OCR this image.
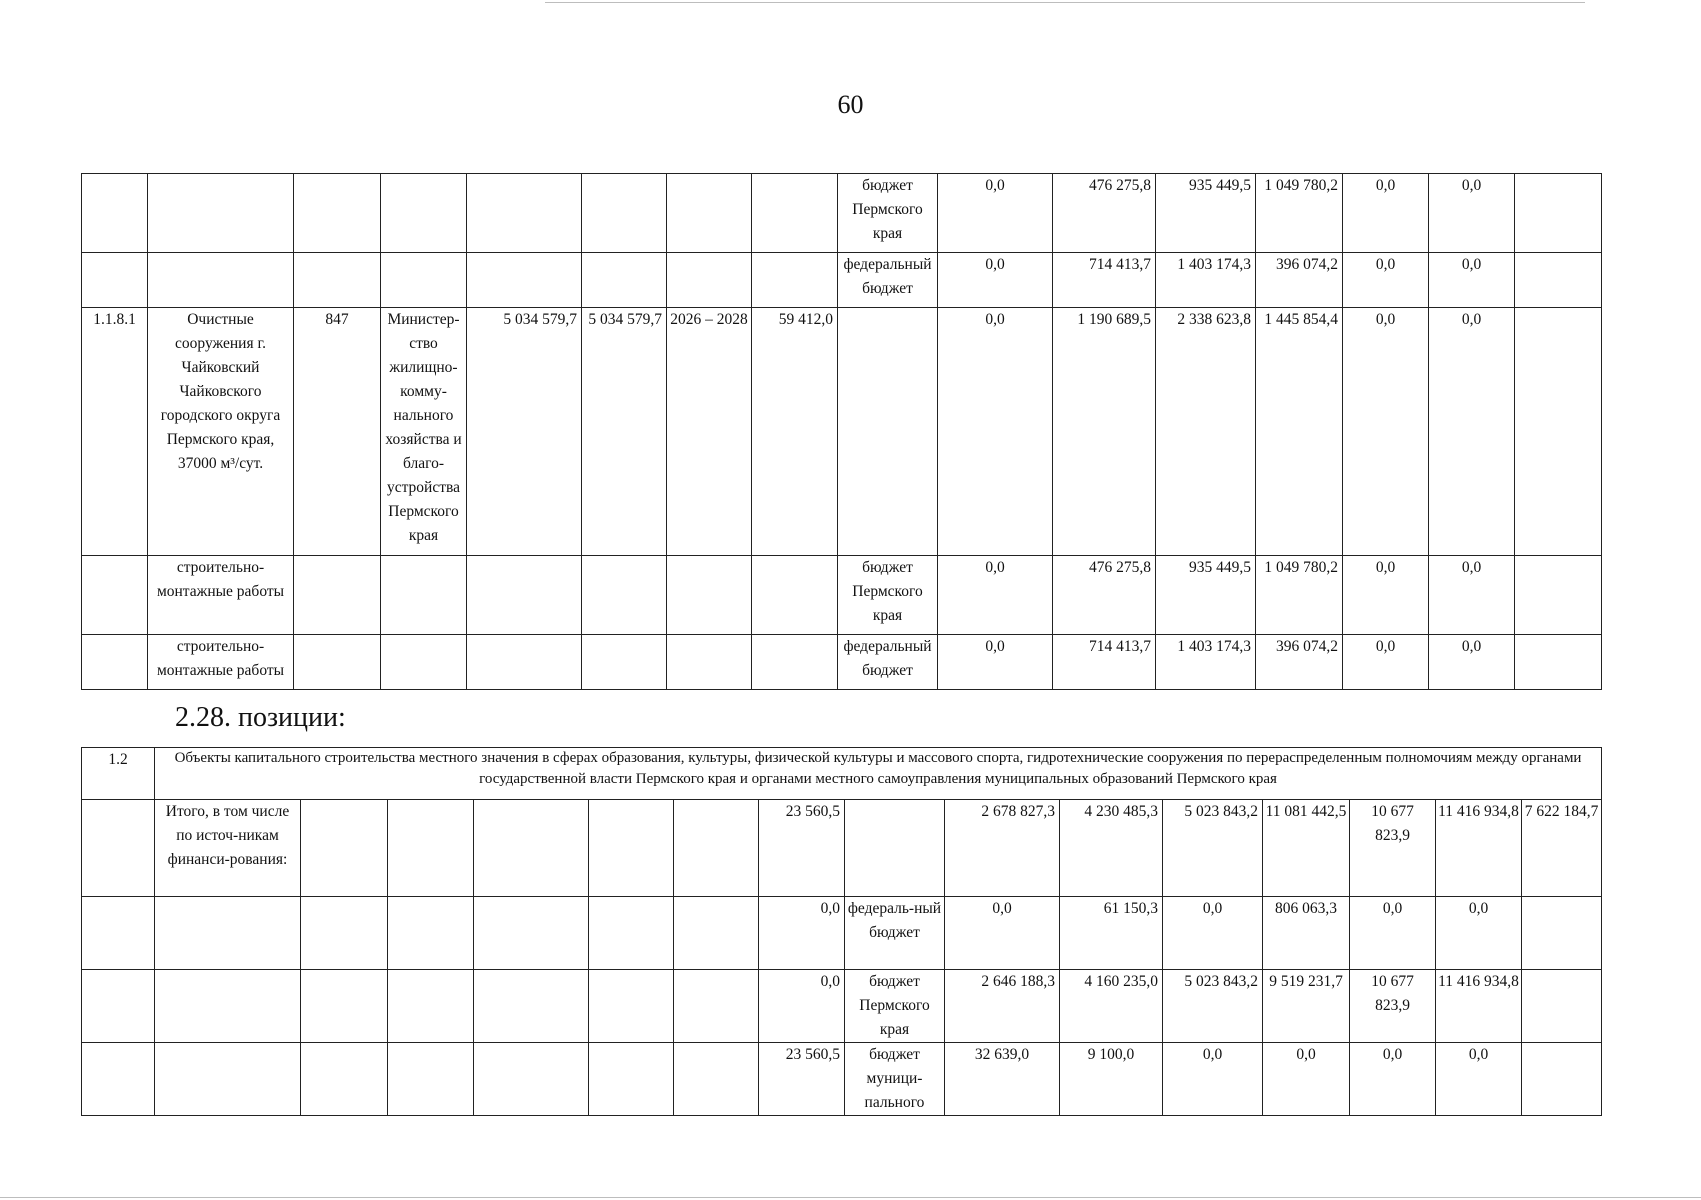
60
								бюджет Пермского края	0,0	476 275,8	935 449,5	1 049 780,2	0,0	0,0	
								федеральный бюджет	0,0	714 413,7	1 403 174,3	396 074,2	0,0	0,0	
1.1.8.1	Очистные сооружения г. Чайковский Чайковского городского округа Пермского края, 37000 м³/сут.	847	Министер-ство жилищно-комму-нального хозяйства и благо-устройства Пермского края	5 034 579,7	5 034 579,7	2026 – 2028	59 412,0		0,0	1 190 689,5	2 338 623,8	1 445 854,4	0,0	0,0	
	строительно-монтажные работы							бюджет Пермского края	0,0	476 275,8	935 449,5	1 049 780,2	0,0	0,0	
	строительно-монтажные работы							федеральный бюджет	0,0	714 413,7	1 403 174,3	396 074,2	0,0	0,0	
2.28. позиции:
1.2	Объекты капитального строительства местного значения в сферах образования, культуры, физической культуры и массового спорта, гидротехнические сооружения по перераспределенным полномочиям между органами государственной власти Пермского края и органами местного самоуправления муниципальных образований Пермского края														
	Итого, в том числе по источ-никам финанси-рования:						23 560,5		2 678 827,3	4 230 485,3	5 023 843,2	11 081 442,5	10 677 823,9	11 416 934,8	7 622 184,7
							0,0	федераль-ный бюджет	0,0	61 150,3	0,0	806 063,3	0,0	0,0	
							0,0	бюджет Пермского края	2 646 188,3	4 160 235,0	5 023 843,2	9 519 231,7	10 677 823,9	11 416 934,8	
							23 560,5	бюджет муници-пального	32 639,0	9 100,0	0,0	0,0	0,0	0,0	
